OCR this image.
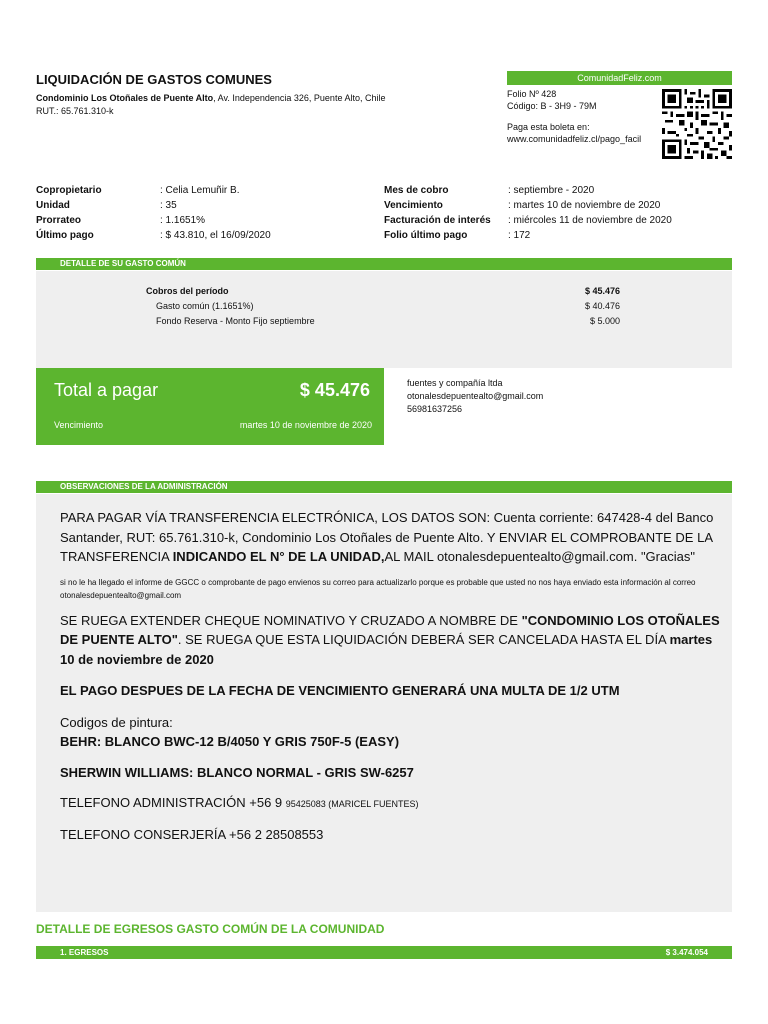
LIQUIDACIÓN DE GASTOS COMUNES
Condominio Los Otoñales de Puente Alto, Av. Independencia 326, Puente Alto, Chile
RUT.: 65.761.310-k
ComunidadFeliz.com
Folio Nº 428
Código: B - 3H9 - 79M
Paga esta boleta en:
www.comunidadfeliz.cl/pago_facil
Copropietario	: Celia Lemuñir B.
Unidad	: 35
Prorrateo	: 1.1651%
Último pago	: $ 43.810, el 16/09/2020
Mes de cobro	: septiembre - 2020
Vencimiento	: martes 10 de noviembre de 2020
Facturación de interés : miércoles 11 de noviembre de 2020
Folio último pago	: 172
DETALLE DE SU GASTO COMÚN
Cobros del período	$ 45.476
Gasto común (1.1651%)	$ 40.476
Fondo Reserva - Monto Fijo septiembre	$ 5.000
Total a pagar	$ 45.476
Vencimiento	martes 10 de noviembre de 2020
fuentes y compañía ltda
otonalesdepuentealto@gmail.com
56981637256
OBSERVACIONES DE LA ADMINISTRACIÓN

PARA PAGAR VÍA TRANSFERENCIA ELECTRÓNICA, LOS DATOS SON: Cuenta corriente: 647428-4 del Banco Santander, RUT: 65.761.310-k, Condominio Los Otoñales de Puente Alto. Y ENVIAR EL COMPROBANTE DE LA TRANSFERENCIA INDICANDO EL N° DE LA UNIDAD,AL MAIL otonalesdepuentealto@gmail.com. "Gracias"

si no le ha llegado el informe de GGCC o comprobante de pago envienos su correo para actualizarlo porque es probable que usted no nos haya enviado esta información al correo otonalesdepuentealto@gmail.com

SE RUEGA EXTENDER CHEQUE NOMINATIVO Y CRUZADO A NOMBRE DE "CONDOMINIO LOS OTOÑALES DE PUENTE ALTO". SE RUEGA QUE ESTA LIQUIDACIÓN DEBERÁ SER CANCELADA HASTA EL DÍA martes 10 de noviembre de 2020

EL PAGO DESPUES DE LA FECHA DE VENCIMIENTO GENERARÁ UNA MULTA DE 1/2 UTM

Codigos de pintura:

BEHR: BLANCO BWC-12 B/4050 Y GRIS 750F-5 (EASY)

SHERWIN WILLIAMS: BLANCO NORMAL - GRIS SW-6257

TELEFONO ADMINISTRACIÓN +56 9 95425083 (MARICEL FUENTES)

TELEFONO CONSERJERÍA +56 2 28508553

DETALLE DE EGRESOS GASTO COMÚN DE LA COMUNIDAD
1. EGRESOS	$ 3.474.054
